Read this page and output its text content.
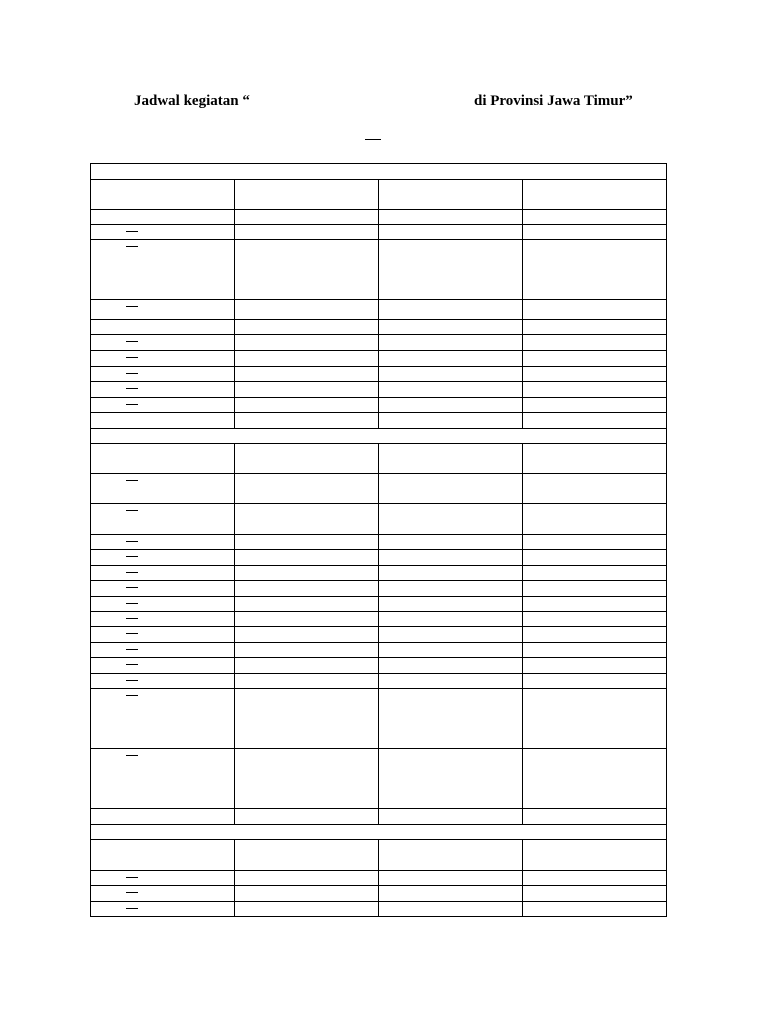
Jadwal kegiatan “	di Provinsi Jawa Timur”
